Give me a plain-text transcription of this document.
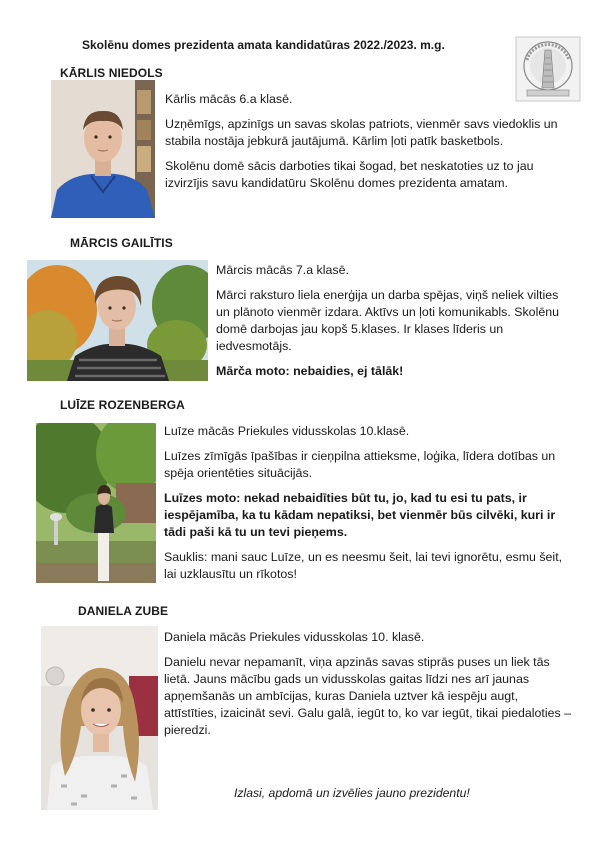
Skolēnu domes prezidenta amata kandidatūras 2022./2023. m.g.
KĀRLIS NIEDOLS

Kārlis mācās 6.a klasē.

Uzņēmīgs, apzinīgs un savas skolas patriots, vienmēr savs viedoklis un stabila nostāja jebkurā jautājumā. Kārlim ļoti patīk basketbols.

Skolēnu domē sācis darboties tikai šogad, bet neskatoties uz to jau izvirzījis savu kandidatūru Skolēnu domes prezidenta amatam.

MĀRCIS GAILĪTIS

Mārcis mācās 7.a klasē.

Mārci raksturo liela enerģija un darba spējas, viņš neliek vilties un plānoto vienmēr izdara. Aktīvs un ļoti komunikabls. Skolēnu domē darbojas jau kopš 5.klases. Ir klases līderis un iedvesmotājs.

Mārča moto: nebaidies, ej tālāk!

LUĪZE ROZENBERGA

Luīze mācās Priekules vidusskolas 10.klasē.

Luīzes zīmīgās īpašības ir cieņpilna attieksme, loģika, līdera dotības un spēja orientēties situācijās.

Luīzes moto: nekad nebaidīties būt tu, jo, kad tu esi tu pats, ir iespējamība, ka tu kādam nepatiksi, bet vienmēr būs cilvēki, kuri ir tādi paši kā tu un tevi pieņems.

Sauklis: mani sauc Luīze, un es neesmu šeit, lai tevi ignorētu, esmu šeit, lai uzklausītu un rīkotos!

DANIELA ZUBE

Daniela mācās Priekules vidusskolas 10. klasē.

Danielu nevar nepamanīt, viņa apzinās savas stiprās puses un liek tās lietā. Jauns mācību gads un vidusskolas gaitas līdzi nes arī jaunas apņemšanās un ambīcijas, kuras Daniela uztver kā iespēju augt, attīstīties, izaicināt sevi. Galu galā, iegūt to, ko var iegūt, tikai piedaloties – pieredzi.

Izlasi, apdomā un izvēlies jauno prezidentu!
